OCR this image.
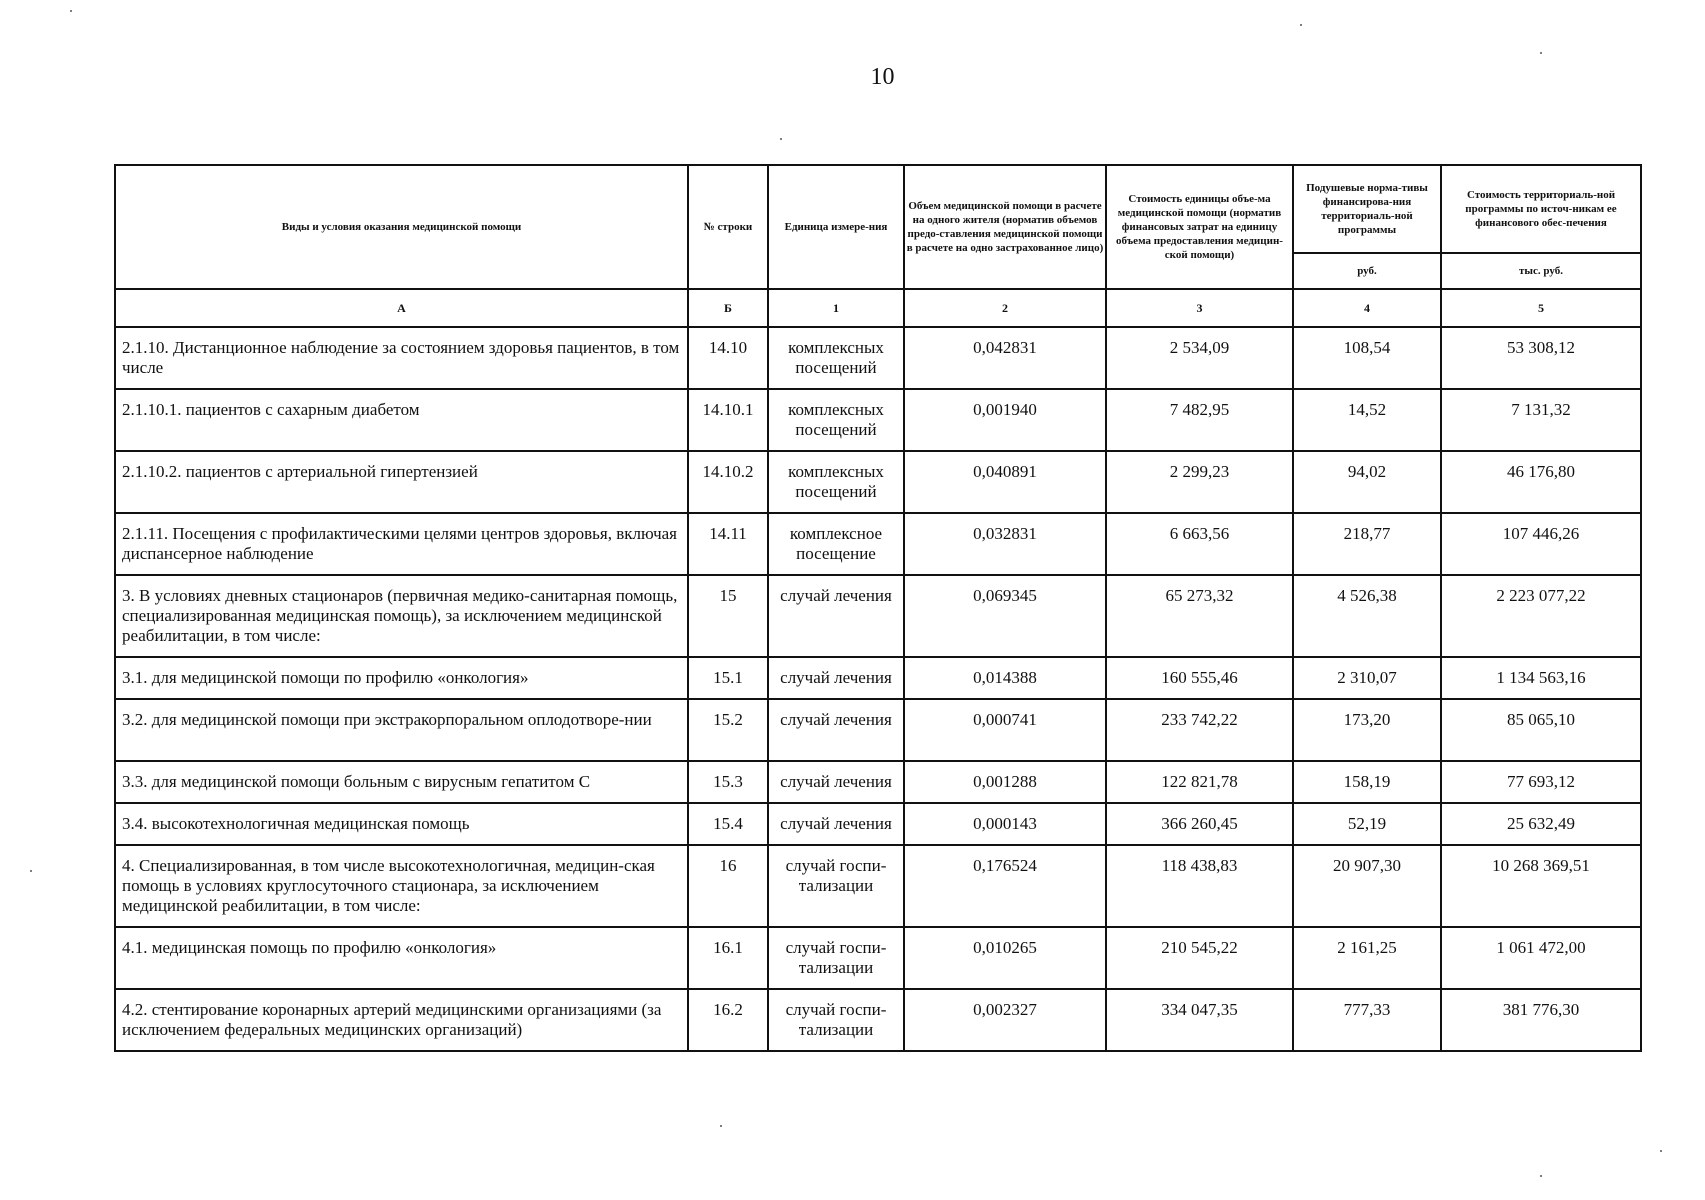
10
Виды и условия оказания медицинской помощи	№ строки	Единица измере-ния	Объем медицинской помощи в расчете на одного жителя (норматив объемов предо-ставления медицинской помощи в расчете на одно застрахованное лицо)	Стоимость единицы объе-ма медицинской помощи (норматив финансовых затрат на единицу объема предоставления медицин-ской помощи)	Подушевые норма-тивы финансирова-ния территориаль-ной программы	Стоимость территориаль-ной программы по источ-никам ее финансового обес-печения
					руб.	тыс. руб.
А	Б	1	2	3	4	5

2.1.10. Дистанционное наблюдение за состоянием здоровья пациентов, в том числе	14.10	комплексных посещений	0,042831	2 534,09	108,54	53 308,12

2.1.10.1. пациентов с сахарным диабетом	14.10.1	комплексных посещений	0,001940	7 482,95	14,52	7 131,32

2.1.10.2. пациентов с артериальной гипертензией	14.10.2	комплексных посещений	0,040891	2 299,23	94,02	46 176,80

2.1.11. Посещения с профилактическими целями центров здоровья, включая диспансерное наблюдение	14.11	комплексное посещение	0,032831	6 663,56	218,77	107 446,26

3. В условиях дневных стационаров (первичная медико-санитарная помощь, специализированная медицинская помощь), за исключением медицинской реабилитации, в том числе:	15	случай лечения	0,069345	65 273,32	4 526,38	2 223 077,22

3.1. для медицинской помощи по профилю «онкология»	15.1	случай лечения	0,014388	160 555,46	2 310,07	1 134 563,16

3.2. для медицинской помощи при экстракорпоральном оплодотворе-нии	15.2	случай лечения	0,000741	233 742,22	173,20	85 065,10

3.3. для медицинской помощи больным с вирусным гепатитом С	15.3	случай лечения	0,001288	122 821,78	158,19	77 693,12

3.4. высокотехнологичная медицинская помощь	15.4	случай лечения	0,000143	366 260,45	52,19	25 632,49

4. Специализированная, в том числе высокотехнологичная, медицин-ская помощь в условиях круглосуточного стационара, за исключением медицинской реабилитации, в том числе:	16	случай госпи-тализации	0,176524	118 438,83	20 907,30	10 268 369,51

4.1. медицинская помощь по профилю «онкология»	16.1	случай госпи-тализации	0,010265	210 545,22	2 161,25	1 061 472,00

4.2. стентирование коронарных артерий медицинскими организациями (за исключением федеральных медицинских организаций)	16.2	случай госпи-тализации	0,002327	334 047,35	777,33	381 776,30
